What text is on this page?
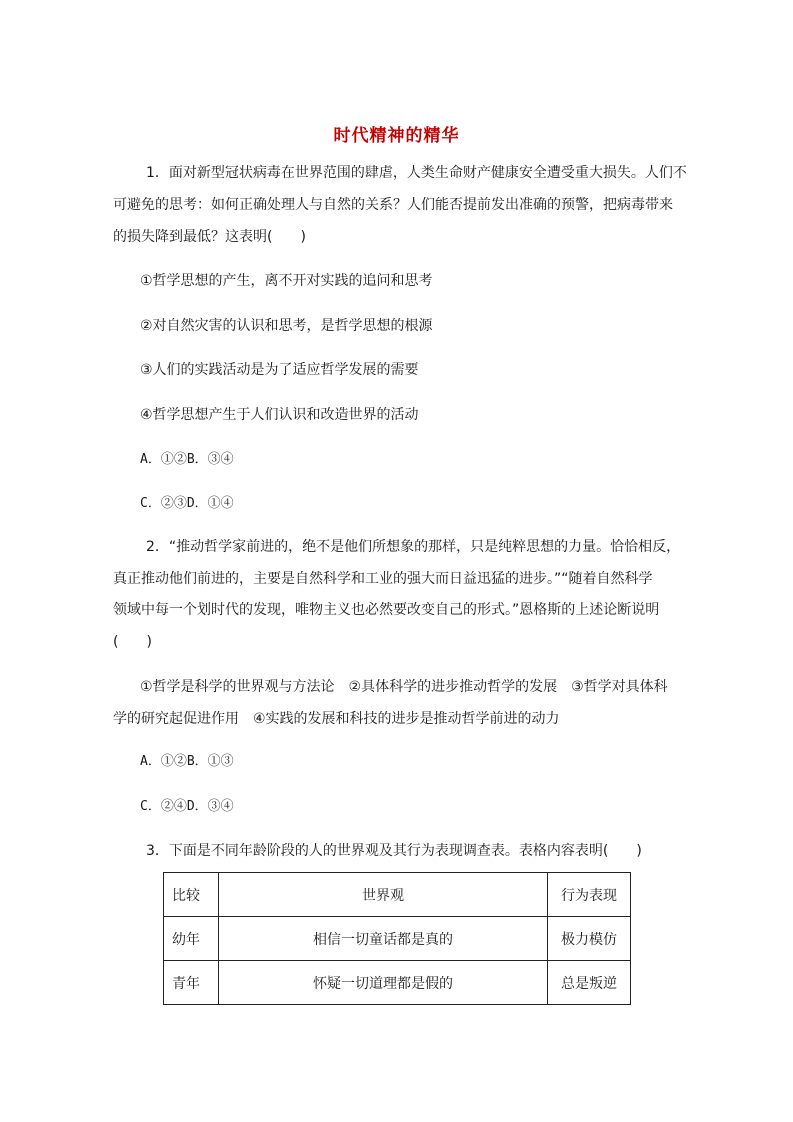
时代精神的精华
1．面对新型冠状病毒在世界范围的肆虐，人类生命财产健康安全遭受重大损失。人们不
可避免的思考：如何正确处理人与自然的关系？人们能否提前发出准确的预警，把病毒带来
的损失降到最低？这表明(　　)
①哲学思想的产生，离不开对实践的追问和思考
②对自然灾害的认识和思考，是哲学思想的根源
③人们的实践活动是为了适应哲学发展的需要
④哲学思想产生于人们认识和改造世界的活动
A．①②B．③④
C．②③D．①④
2．“推动哲学家前进的，绝不是他们所想象的那样，只是纯粹思想的力量。恰恰相反，
真正推动他们前进的，主要是自然科学和工业的强大而日益迅猛的进步。”“随着自然科学
领域中每一个划时代的发现，唯物主义也必然要改变自己的形式。”恩格斯的上述论断说明
(　　)
①哲学是科学的世界观与方法论　②具体科学的进步推动哲学的发展　③哲学对具体科
学的研究起促进作用　④实践的发展和科技的进步是推动哲学前进的动力
A．①②B．①③
C．②④D．③④
3．下面是不同年龄阶段的人的世界观及其行为表现调查表。表格内容表明(　　)
比较	世界观	行为表现
幼年	相信一切童话都是真的	极力模仿
青年	怀疑一切道理都是假的	总是叛逆
